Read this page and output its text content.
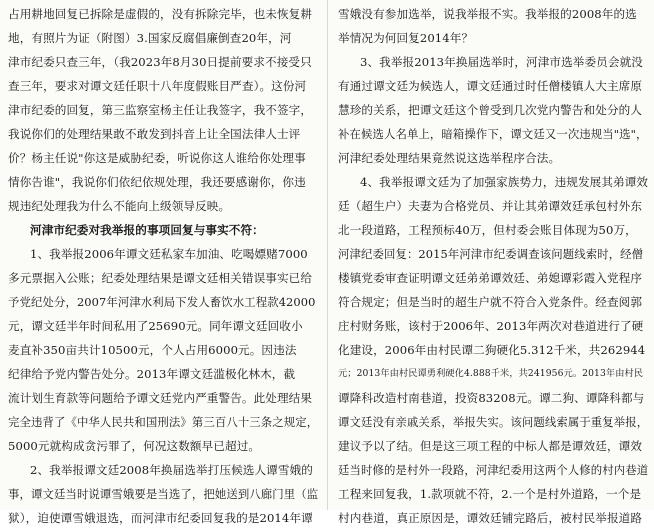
占用耕地回复已拆除是虚假的，没有拆除完毕，也未恢复耕
地，有照片为证（附图）3.国家反腐倡廉倒查20年，河
津市纪委只查三年，（我2023年8月30日提前要求不接受只
查三年，要求对谭文廷任职十八年度假账目严查）。这份河
津市纪委的回复，第三监察室杨主任让我签字，我不签字，
我说你们的处理结果敢不敢发到抖音上让全国法律人士评
价？杨主任说"你这是威胁纪委，听说你这人谁给你处理事
情你告谁"，我说你们依纪依规处理，我还要感谢你，你违
规违纪处理我为什么不能向上级领导反映。
河津市纪委对我举报的事项回复与事实不符：
1、我举报2006年谭文廷私家车加油、吃喝嫖赌7000
多元票据入公账；纪委处理结果是谭文廷相关错误事实已给
予党纪处分，2007年河津水利局下发人畜饮水工程款42000
元，谭文廷半年时间私用了25690元。同年谭文廷回收小
麦直补350亩共计10500元，个人占用6000元。因违法
纪律给予党内警告处分。2013年谭文廷滥极化林木，截
流计划生育款等问题给予谭文廷党内严重警告。此处理结果
完全违背了《中华人民共和国刑法》第三百八十三条之规定，
5000元就构成贪污罪了，何况这数额早已超过。
2、我举报谭文廷2008年换届选举打压候选人谭雪娥的
事，谭文廷当时说谭雪娥要是当选了，把她送到八廊门里（监
狱），迫使谭雪娥退选，而河津市纪委回复我的是2014年谭
雪娥没有参加选举，说我举报不实。我举报的2008年的选
举情况为何回复2014年？
3、我举报2013年换届选举时，河津市选举委员会就没
有通过谭文廷为候选人，谭文廷通过时任僧楼镇人大主席原
慧珍的关系，把谭文廷这个曾受到几次党内警告和处分的人
补在候选人名单上，暗箱操作下，谭文廷又一次违规当"选"，
河津纪委处理结果竟然说这选举程序合法。
4、我举报谭文廷为了加强家族势力，违规发展其弟谭效
廷（超生户）夫妻为合格党员、并让其弟谭效廷承包村外东
北一段道路，工程预标40万，但村委会账目体现为50万，
河津纪委回复：2015年河津市纪委调查该问题线索时，经僧
楼镇党委审查证明谭文廷弟弟谭效廷、弟媳谭彩霞入党程序
符合规定；但是当时的超生户就不符合入党条件。经查阅郭
庄村财务账，该村于2006年、2013年两次对巷道进行了硬
化建设，2006年由村民谭二狗硬化5.312千米，共262944
元；2013年由村民谭勇利硬化4.888千米，共241956元。2013年由村民
谭降科改造村南巷道，投资83208元。谭二狗、谭降科都与
谭文廷没有亲戚关系，举报失实。该问题线索属于重复举报，
建议予以了结。但是这三项工程的中标人都是谭效廷，谭效
廷当时修的是村外一段路，河津纪委用这两个人修的村内巷道
工程来回复我，1.款项就不符，2.一个是村外道路，一个是
村内巷道，真正原因是，谭效廷铺完路后，被村民举报道路
